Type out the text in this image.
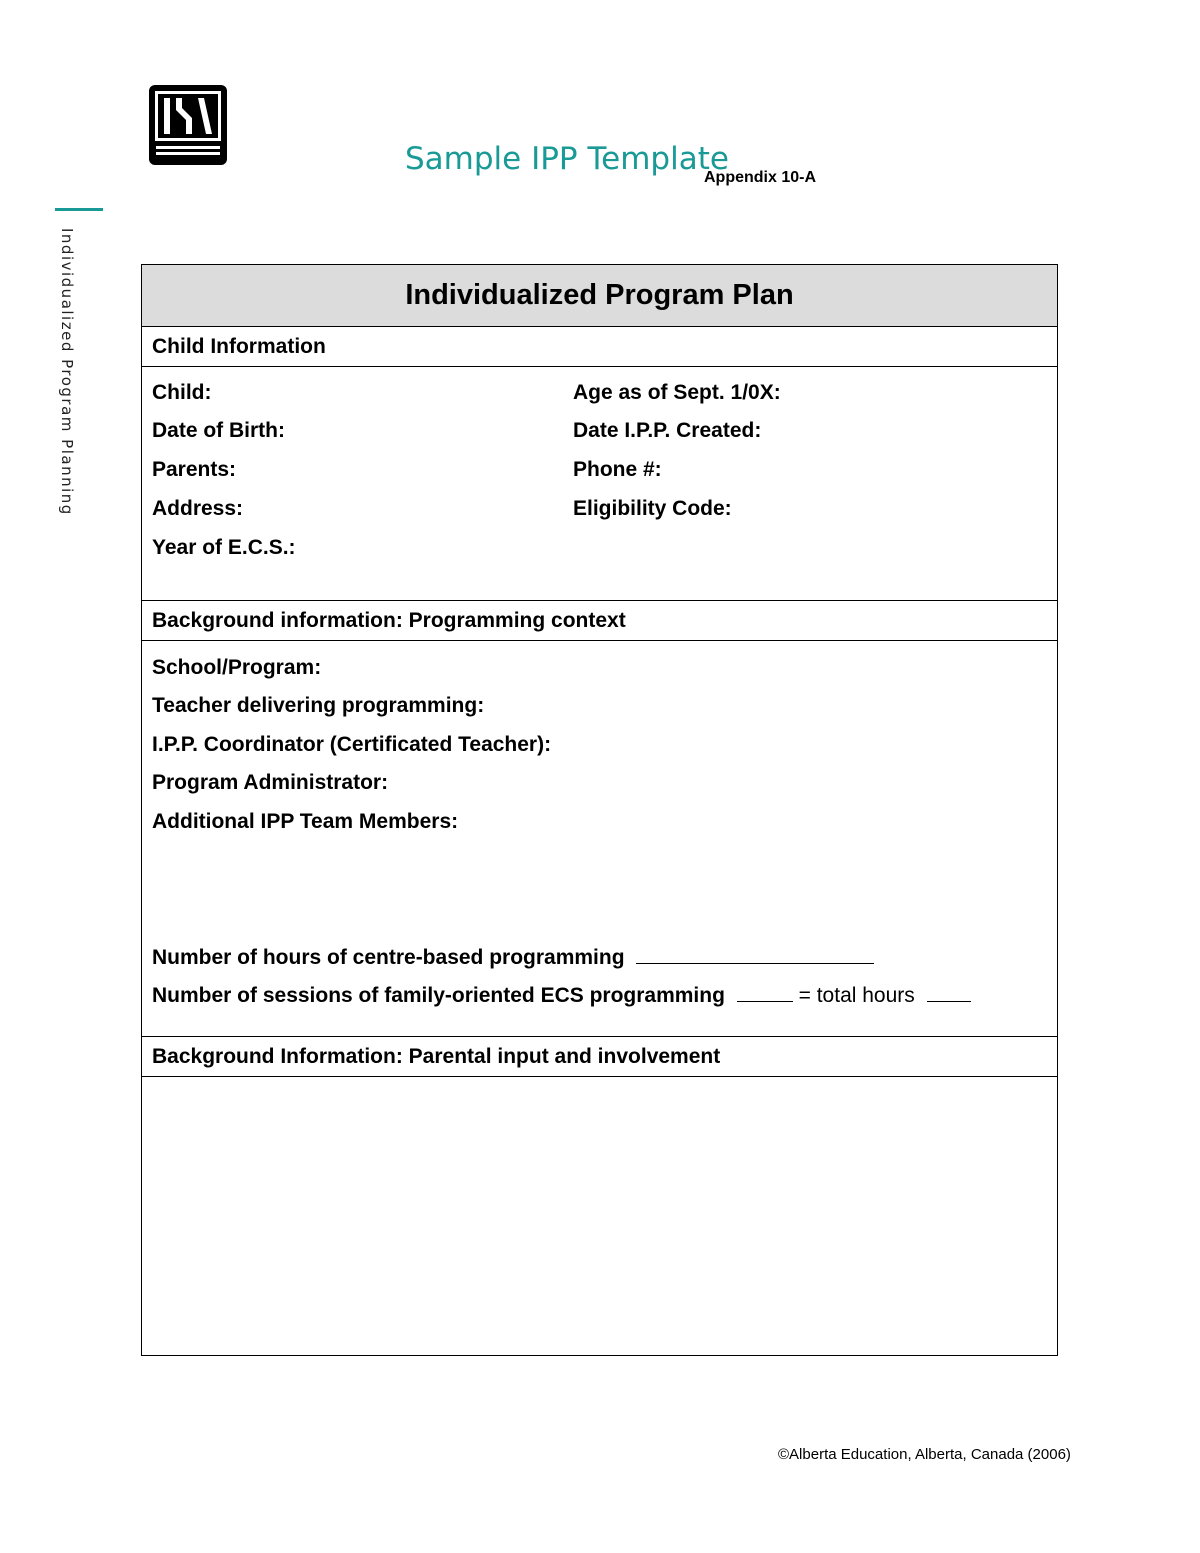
Individualized Program Planning
Sample IPP Template
Appendix 10-A
Individualized Program Plan
Child Information
Child:
Date of Birth:
Parents:
Address:
Year of E.C.S.:
Age as of Sept. 1/0X:
Date I.P.P. Created:
Phone #:
Eligibility Code:
Background information: Programming context
School/Program:
Teacher delivering programming:
I.P.P. Coordinator (Certificated Teacher):
Program Administrator:
Additional IPP Team Members:
Number of hours of centre-based programming
Number of sessions of family-oriented ECS programming	= total hours
Background Information: Parental input and involvement
©Alberta Education, Alberta, Canada (2006)
